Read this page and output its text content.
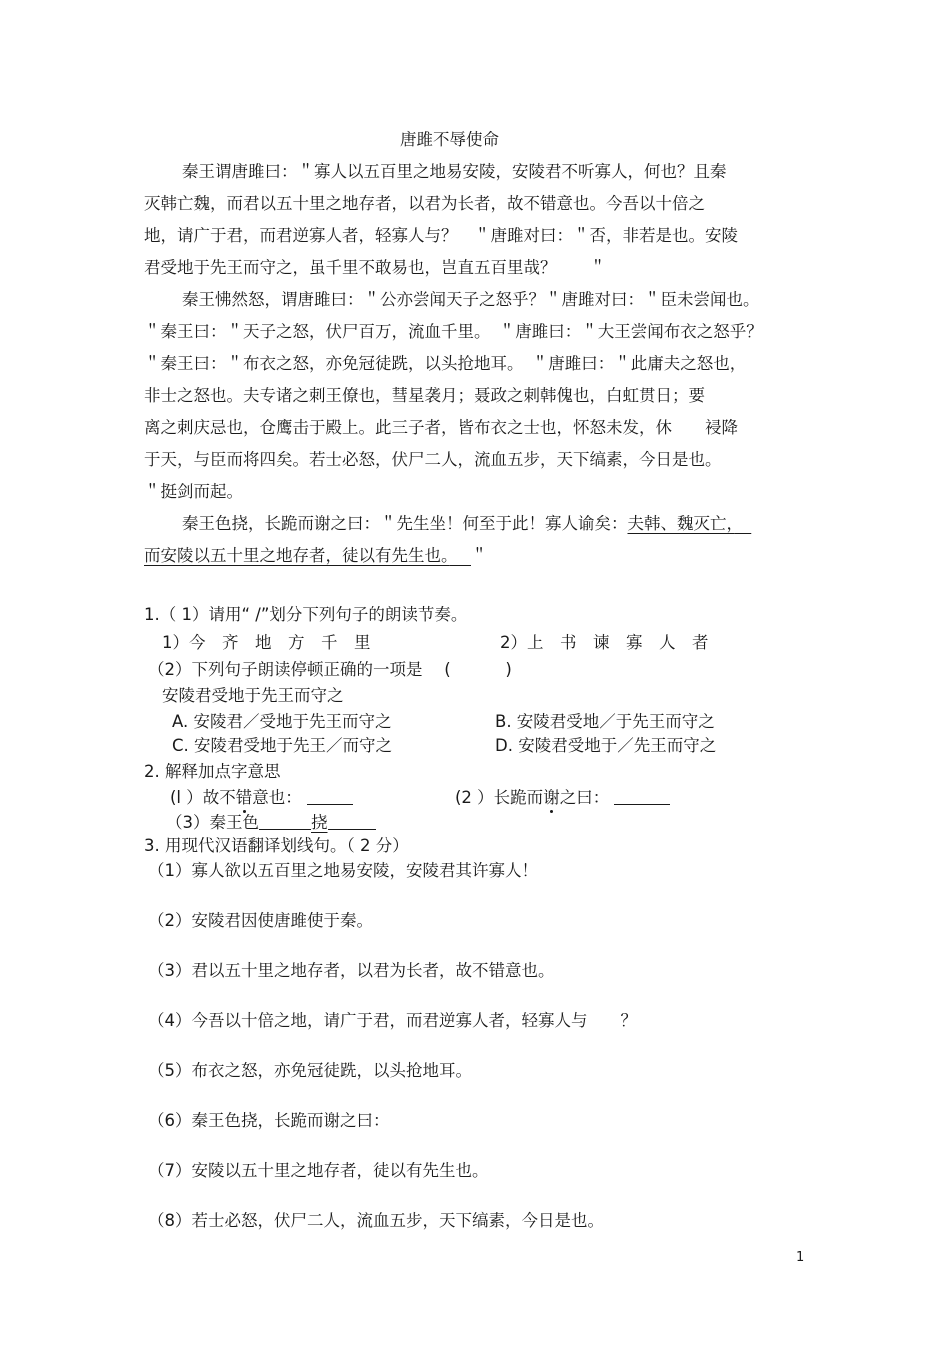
唐雎不辱使命
秦王谓唐雎曰：＂寡人以五百里之地易安陵，安陵君不听寡人，何也？且秦
灭韩亡魏，而君以五十里之地存者，以君为长者，故不错意也。今吾以十倍之
地，请广于君，而君逆寡人者，轻寡人与？　＂唐雎对曰：＂否，非若是也。安陵
君受地于先王而守之，虽千里不敢易也，岂直五百里哉？　　＂
秦王怫然怒，谓唐雎曰：＂公亦尝闻天子之怒乎？＂唐雎对曰：＂臣未尝闻也。
＂秦王曰：＂天子之怒，伏尸百万，流血千里。　＂唐雎曰：＂大王尝闻布衣之怒乎？
＂秦王曰：＂布衣之怒，亦免冠徒跣，以头抢地耳。　＂唐雎曰：＂此庸夫之怒也，
非士之怒也。夫专诸之刺王僚也，彗星袭月；聂政之刺韩傀也，白虹贯日；要
离之刺庆忌也，仓鹰击于殿上。此三子者，皆布衣之士也，怀怒未发，休　　祲降
于天，与臣而将四矣。若士必怒，伏尸二人，流血五步，天下缟素，今日是也。
＂挺剑而起。
秦王色挠，长跪而谢之曰：＂先生坐！何至于此！寡人谕矣：夫韩、魏灭亡，　
而安陵以五十里之地存者，徒以有先生也。　 ＂
1.（ 1）请用“ /”划分下列句子的朗读节奏。
1）今　齐　地　方　千　里	2）上　书　谏　寡　人　者
（2）下列句子朗读停顿正确的一项是　 (　　　 )
安陵君受地于先王而守之
A. 安陵君／受地于先王而守之	B. 安陵君受地／于先王而守之
C. 安陵君受地于先王／而守之	D. 安陵君受地于／先王而守之
2. 解释加点字意思
(l ）故不错意也：	(2 ）长跪而谢之曰：
（3）秦王色	挠
3. 用现代汉语翻译划线句。（ 2 分）
（1）寡人欲以五百里之地易安陵，安陵君其许寡人！
（2）安陵君因使唐雎使于秦。
（3）君以五十里之地存者，以君为长者，故不错意也。
（4）今吾以十倍之地，请广于君，而君逆寡人者，轻寡人与　　？
（5）布衣之怒，亦免冠徒跣，以头抢地耳。
（6）秦王色挠，长跪而谢之曰：
（7）安陵以五十里之地存者，徒以有先生也。
（8）若士必怒，伏尸二人，流血五步，天下缟素，今日是也。
1
